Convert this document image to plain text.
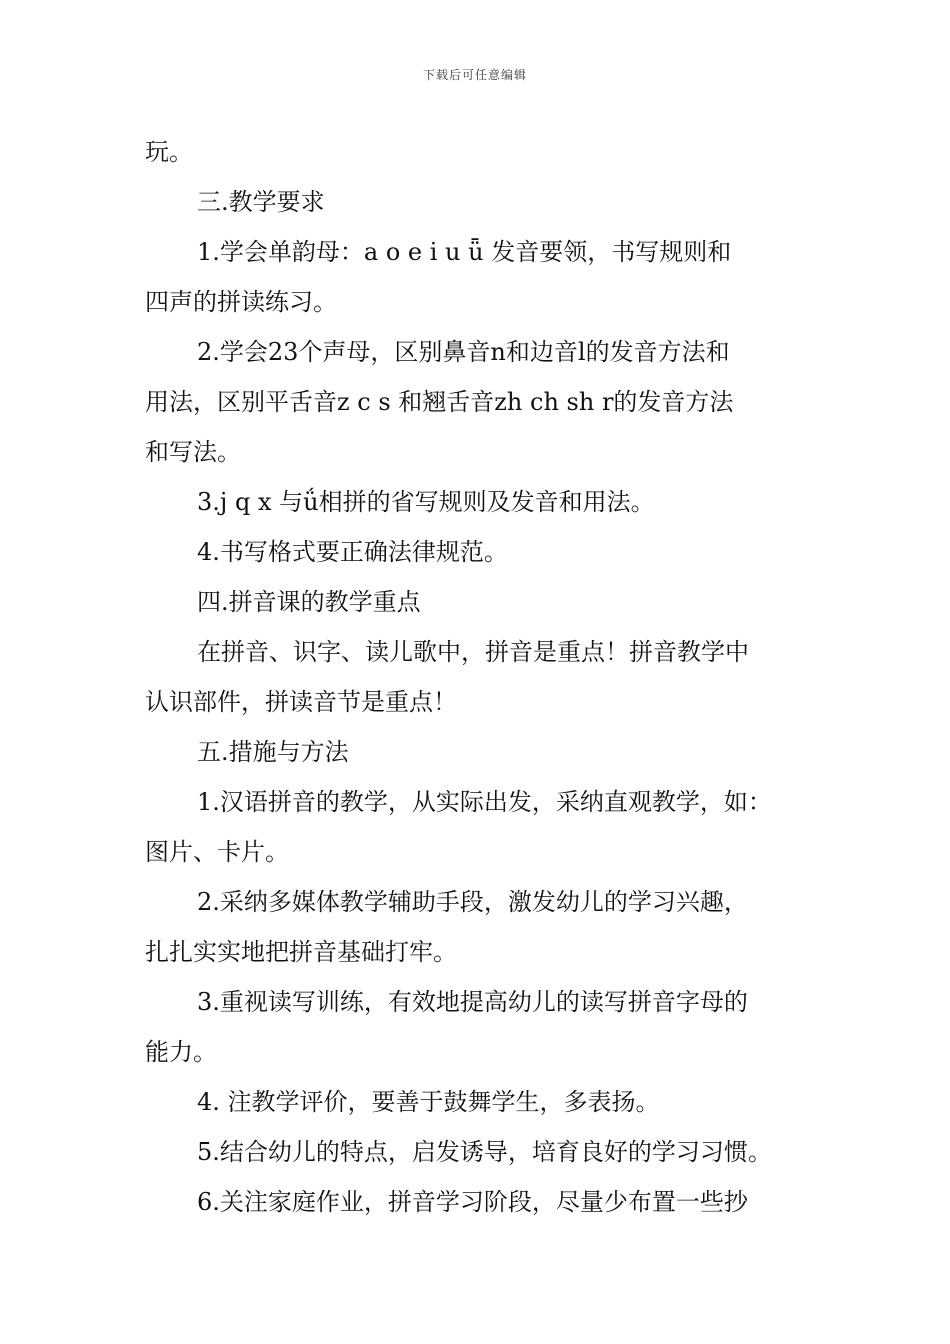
下载后可任意编辑
玩。
三.教学要求
1.学会单韵母：a o e i u ǖ 发音要领，书写规则和
四声的拼读练习。
2.学会23个声母，区别鼻音n和边音l的发音方法和
用法，区别平舌音z c s 和翘舌音zh ch sh r的发音方法
和写法。
3.j q x 与ǘ相拼的省写规则及发音和用法。
4.书写格式要正确法律规范。
四.拼音课的教学重点
在拼音、识字、读儿歌中，拼音是重点！拼音教学中
认识部件，拼读音节是重点！
五.措施与方法
1.汉语拼音的教学，从实际出发，采纳直观教学，如：
图片、卡片。
2.采纳多媒体教学辅助手段，激发幼儿的学习兴趣，
扎扎实实地把拼音基础打牢。
3.重视读写训练，有效地提高幼儿的读写拼音字母的
能力。
4. 注教学评价，要善于鼓舞学生，多表扬。
5.结合幼儿的特点，启发诱导，培育良好的学习习惯。
6.关注家庭作业，拼音学习阶段，尽量少布置一些抄
